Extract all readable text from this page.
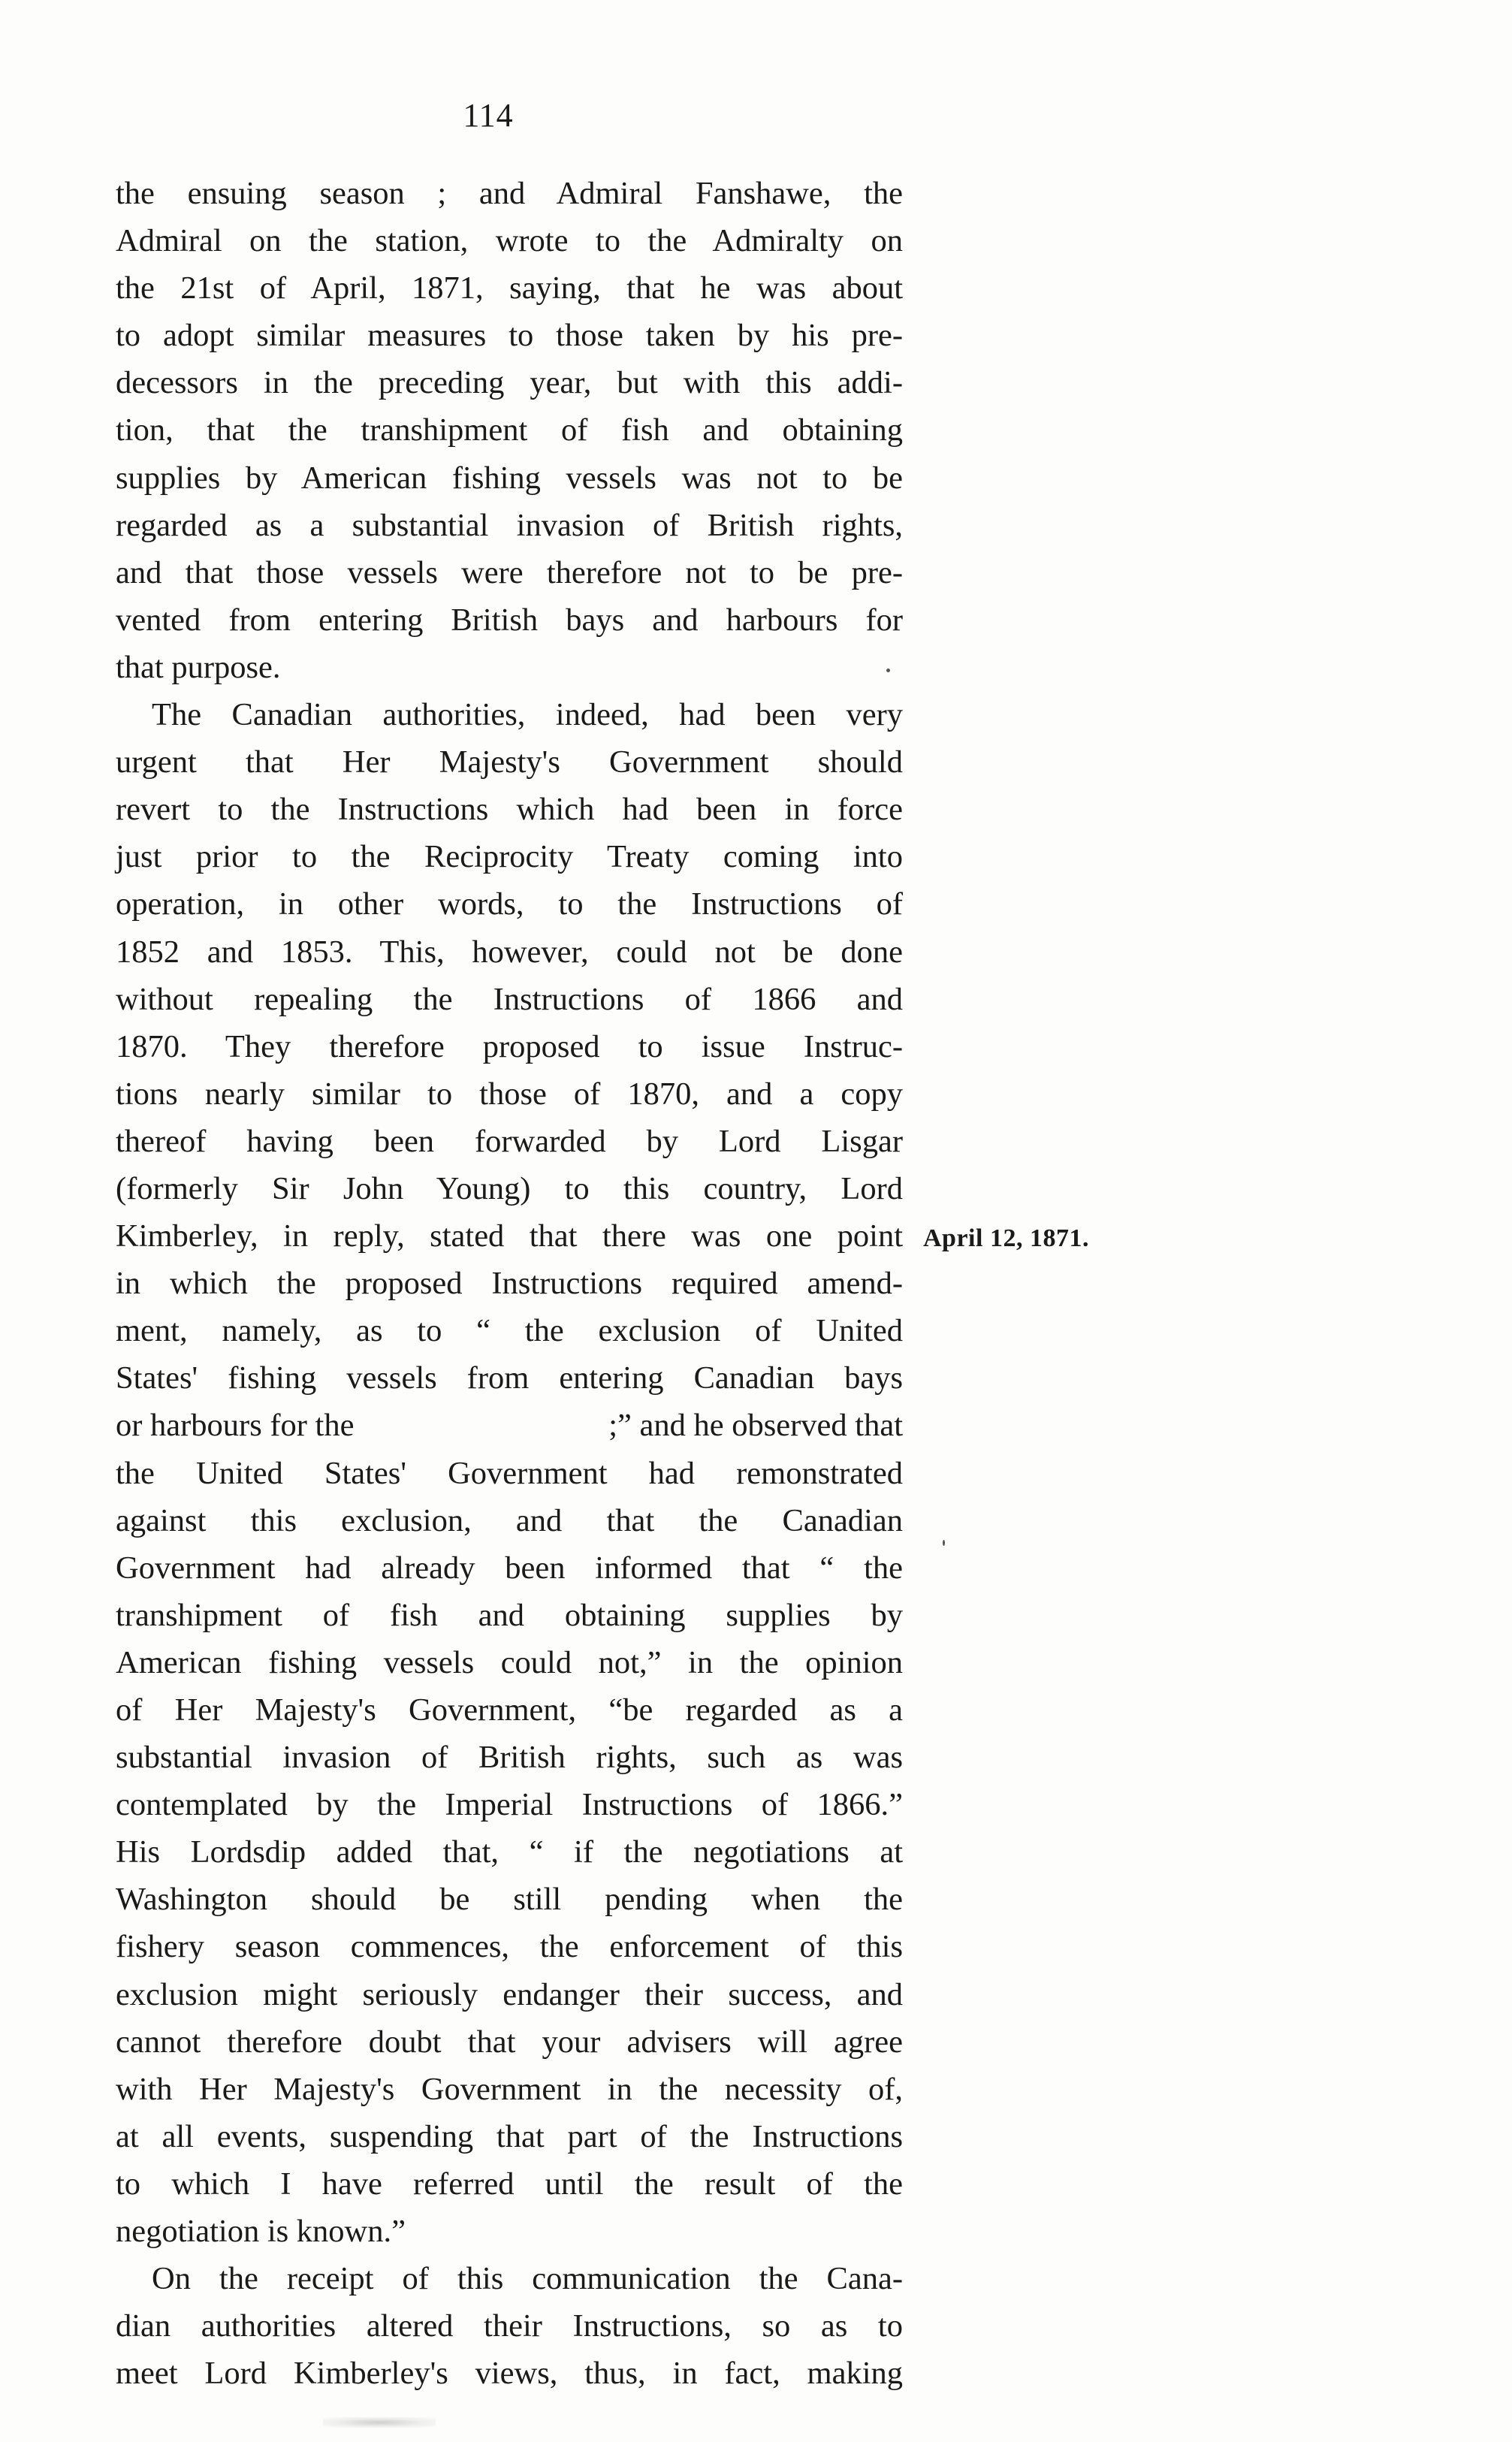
114
the ensuing season ; and Admiral Fanshawe, the
Admiral on the station, wrote to the Admiralty on
the 21st of April, 1871, saying, that he was about
to adopt similar measures to those taken by his pre-
decessors in the preceding year, but with this addi-
tion, that the transhipment of fish and obtaining
supplies by American fishing vessels was not to be
regarded as a substantial invasion of British rights,
and that those vessels were therefore not to be pre-
vented from entering British bays and harbours for
that purpose.
The Canadian authorities, indeed, had been very
urgent that Her Majesty's Government should
revert to the Instructions which had been in force
just prior to the Reciprocity Treaty coming into
operation, in other words, to the Instructions of
1852 and 1853. This, however, could not be done
without repealing the Instructions of 1866 and
1870. They therefore proposed to issue Instruc-
tions nearly similar to those of 1870, and a copy
thereof having been forwarded by Lord Lisgar
(formerly Sir John Young) to this country, Lord
Kimberley, in reply, stated that there was one point
in which the proposed Instructions required amend-
ment, namely, as to “ the exclusion of United
States' fishing vessels from entering Canadian bays
or harbours for the	;” and he observed that
the United States' Government had remonstrated
against this exclusion, and that the Canadian
Government had already been informed that “ the
transhipment of fish and obtaining supplies by
American fishing vessels could not,” in the opinion
of Her Majesty's Government, “be regarded as a
substantial invasion of British rights, such as was
contemplated by the Imperial Instructions of 1866.”
His Lordsdip added that, “ if the negotiations at
Washington should be still pending when the
fishery season commences, the enforcement of this
exclusion might seriously endanger their success, and
cannot therefore doubt that your advisers will agree
with Her Majesty's Government in the necessity of,
at all events, suspending that part of the Instructions
to which I have referred until the result of the
negotiation is known.”
On the receipt of this communication the Cana-
dian authorities altered their Instructions, so as to
meet Lord Kimberley's views, thus, in fact, making
April 12, 1871.
